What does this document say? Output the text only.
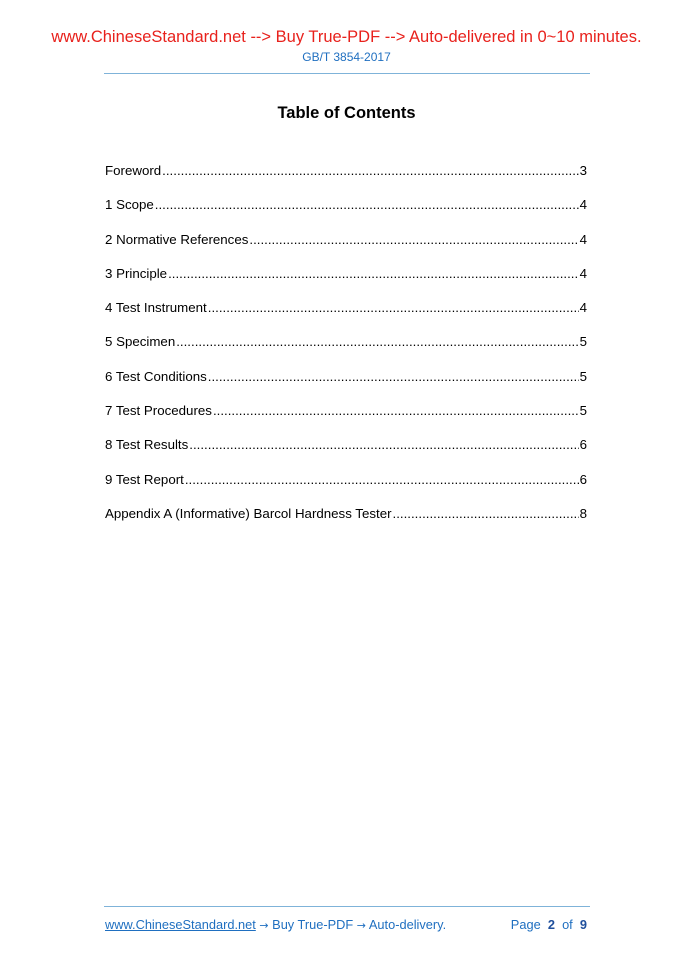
www.ChineseStandard.net --> Buy True-PDF --> Auto-delivered in 0~10 minutes.
GB/T 3854-2017
Table of Contents
Foreword .....	3
1 Scope .....	4
2 Normative References .....	4
3 Principle .....	4
4 Test Instrument .....	4
5 Specimen .....	5
6 Test Conditions .....	5
7 Test Procedures .....	5
8 Test Results .....	6
9 Test Report .....	6
Appendix A (Informative) Barcol Hardness Tester .....	8
www.ChineseStandard.net → Buy True-PDF → Auto-delivery.	Page 2 of 9
